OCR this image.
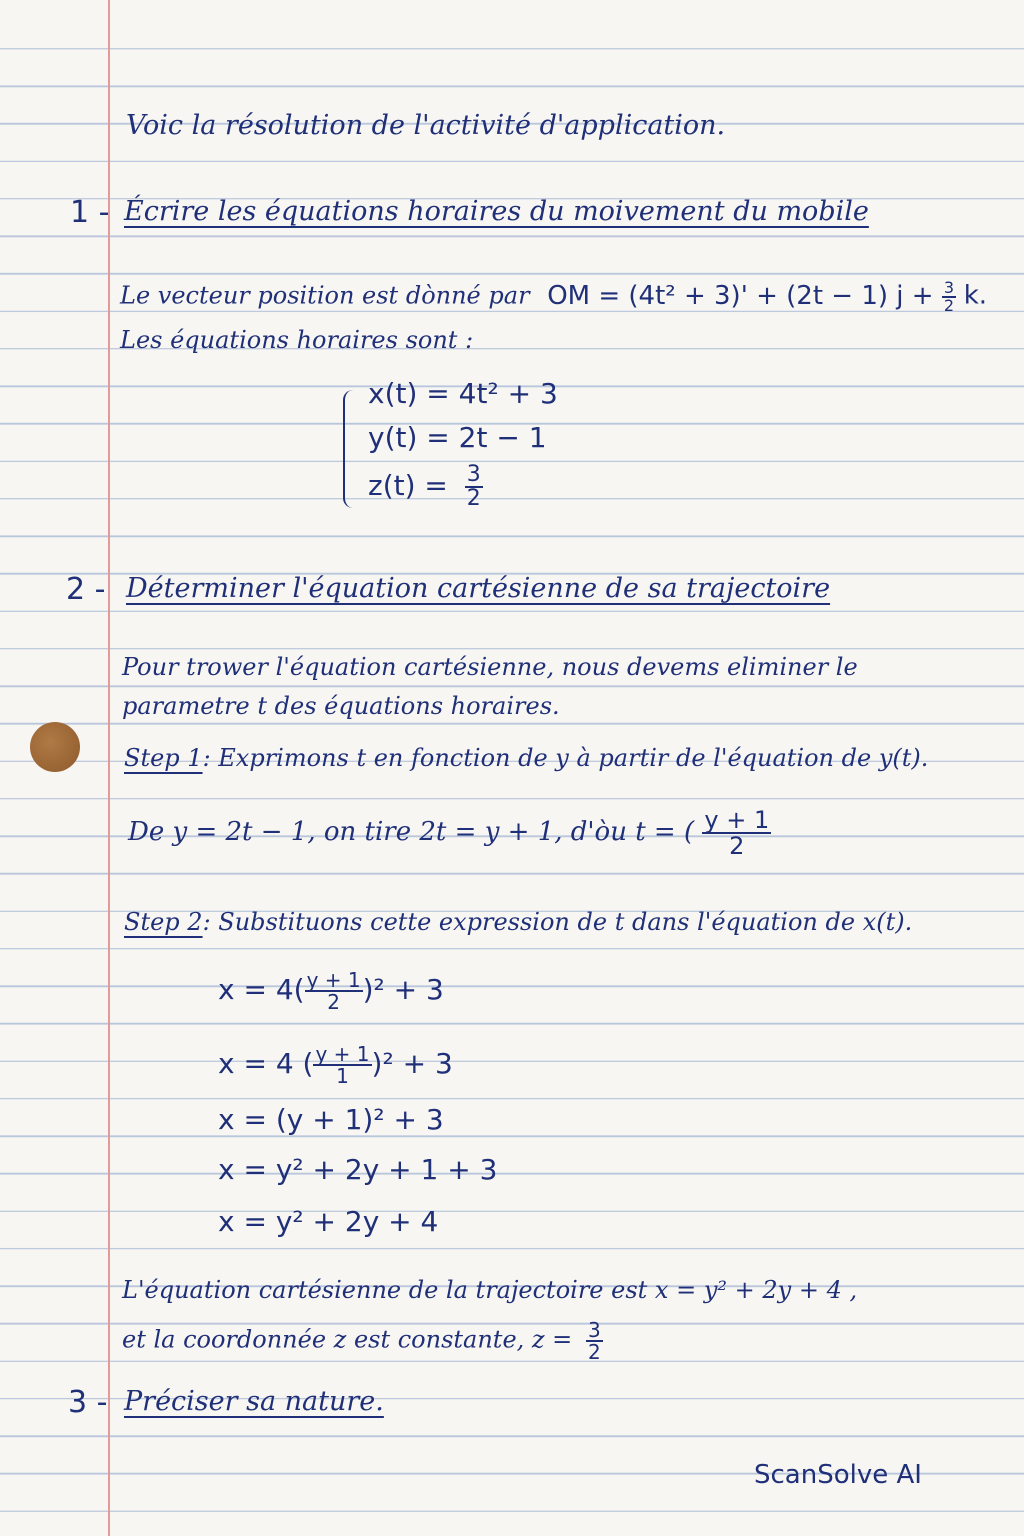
Voic la résolution de l'activité d'application.
1 - Écrire les équations horaires du moivement du mobile
Le vecteur position est dònné par OM = (4t² + 3)' + (2t − 1) $j + \frac{3}{2} k$.
Les équations horaires sont :
x(t) = 4t² + 3
y(t) = 2t − 1
$z(t) = \frac{3}{2}$
2 - Déterminer l'équation cartésienne de sa trajectoire
Pour trower l'équation cartésienne, nous devems eliminer le
parametre t des équations horaires.
Step 1: Exprimons t en fonction de y à partir de l'équation de y(t).
De y = 2t − 1, on tire 2t = y + 1, d'òu t = ( $\frac{y + 1}{2}$
Step 2: Substituons cette expression de t dans l'équation de x(t).
$x = 4( \frac{y + 1}{2} )^2 + 3$
x = 4 ( $\frac{y + 1}{1} )^2 + 3$
x = (y + 1)² + 3
x = y² + 2y + 1 + 3
x = y² + 2y + 4
L'équation cartésienne de la trajectoire est x = y² + 2y + 4 ,
et la coordonnée z est constante, $z = \frac{3}{2}$
3 - Préciser sa nature.
ScanSolve AI
